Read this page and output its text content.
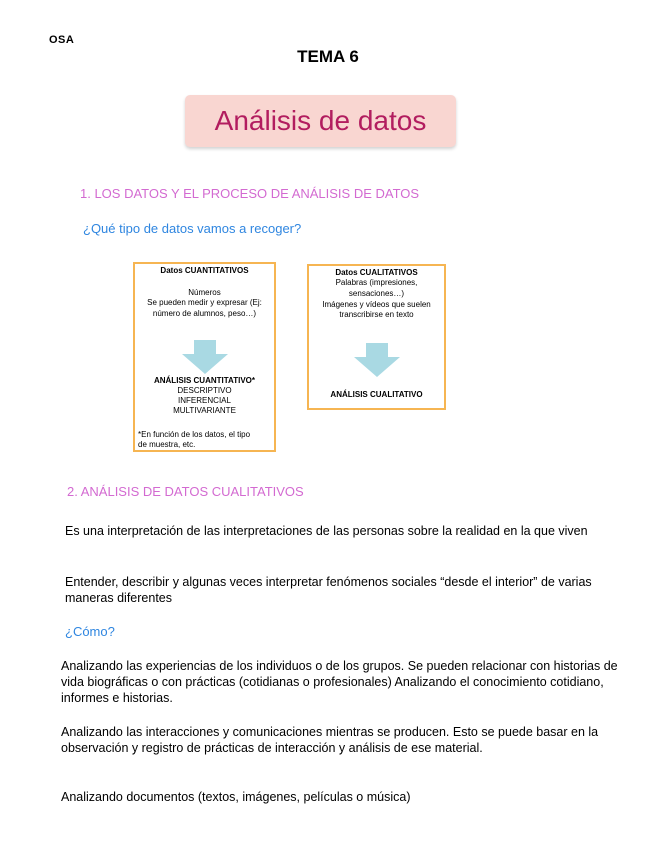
OSA
TEMA 6
Análisis de datos
1. LOS DATOS Y EL PROCESO DE ANÁLISIS DE DATOS
¿Qué tipo de datos vamos a recoger?
Datos CUANTITATIVOS
Números
Se pueden medir y expresar (Ej:
número de alumnos, peso…)
ANÁLISIS CUANTITATIVO*
DESCRIPTIVO
INFERENCIAL
MULTIVARIANTE
*En función de los datos, el tipo
de muestra, etc.
Datos CUALITATIVOS
Palabras (impresiones,
sensaciones…)
Imágenes y vídeos que suelen
transcribirse en texto
ANÁLISIS CUALITATIVO
2. ANÁLISIS DE DATOS CUALITATIVOS
Es una interpretación de las interpretaciones de las personas sobre la realidad en la que viven
Entender, describir y algunas veces interpretar fenómenos sociales “desde el interior” de varias maneras diferentes
¿Cómo?
Analizando las experiencias de los individuos o de los grupos. Se pueden relacionar con historias de vida biográficas o con prácticas (cotidianas o profesionales) Analizando el conocimiento cotidiano, informes e historias.
Analizando las interacciones y comunicaciones mientras se producen. Esto se puede basar en la observación y registro de prácticas de interacción y análisis de ese material.
Analizando documentos (textos, imágenes, películas o música)
